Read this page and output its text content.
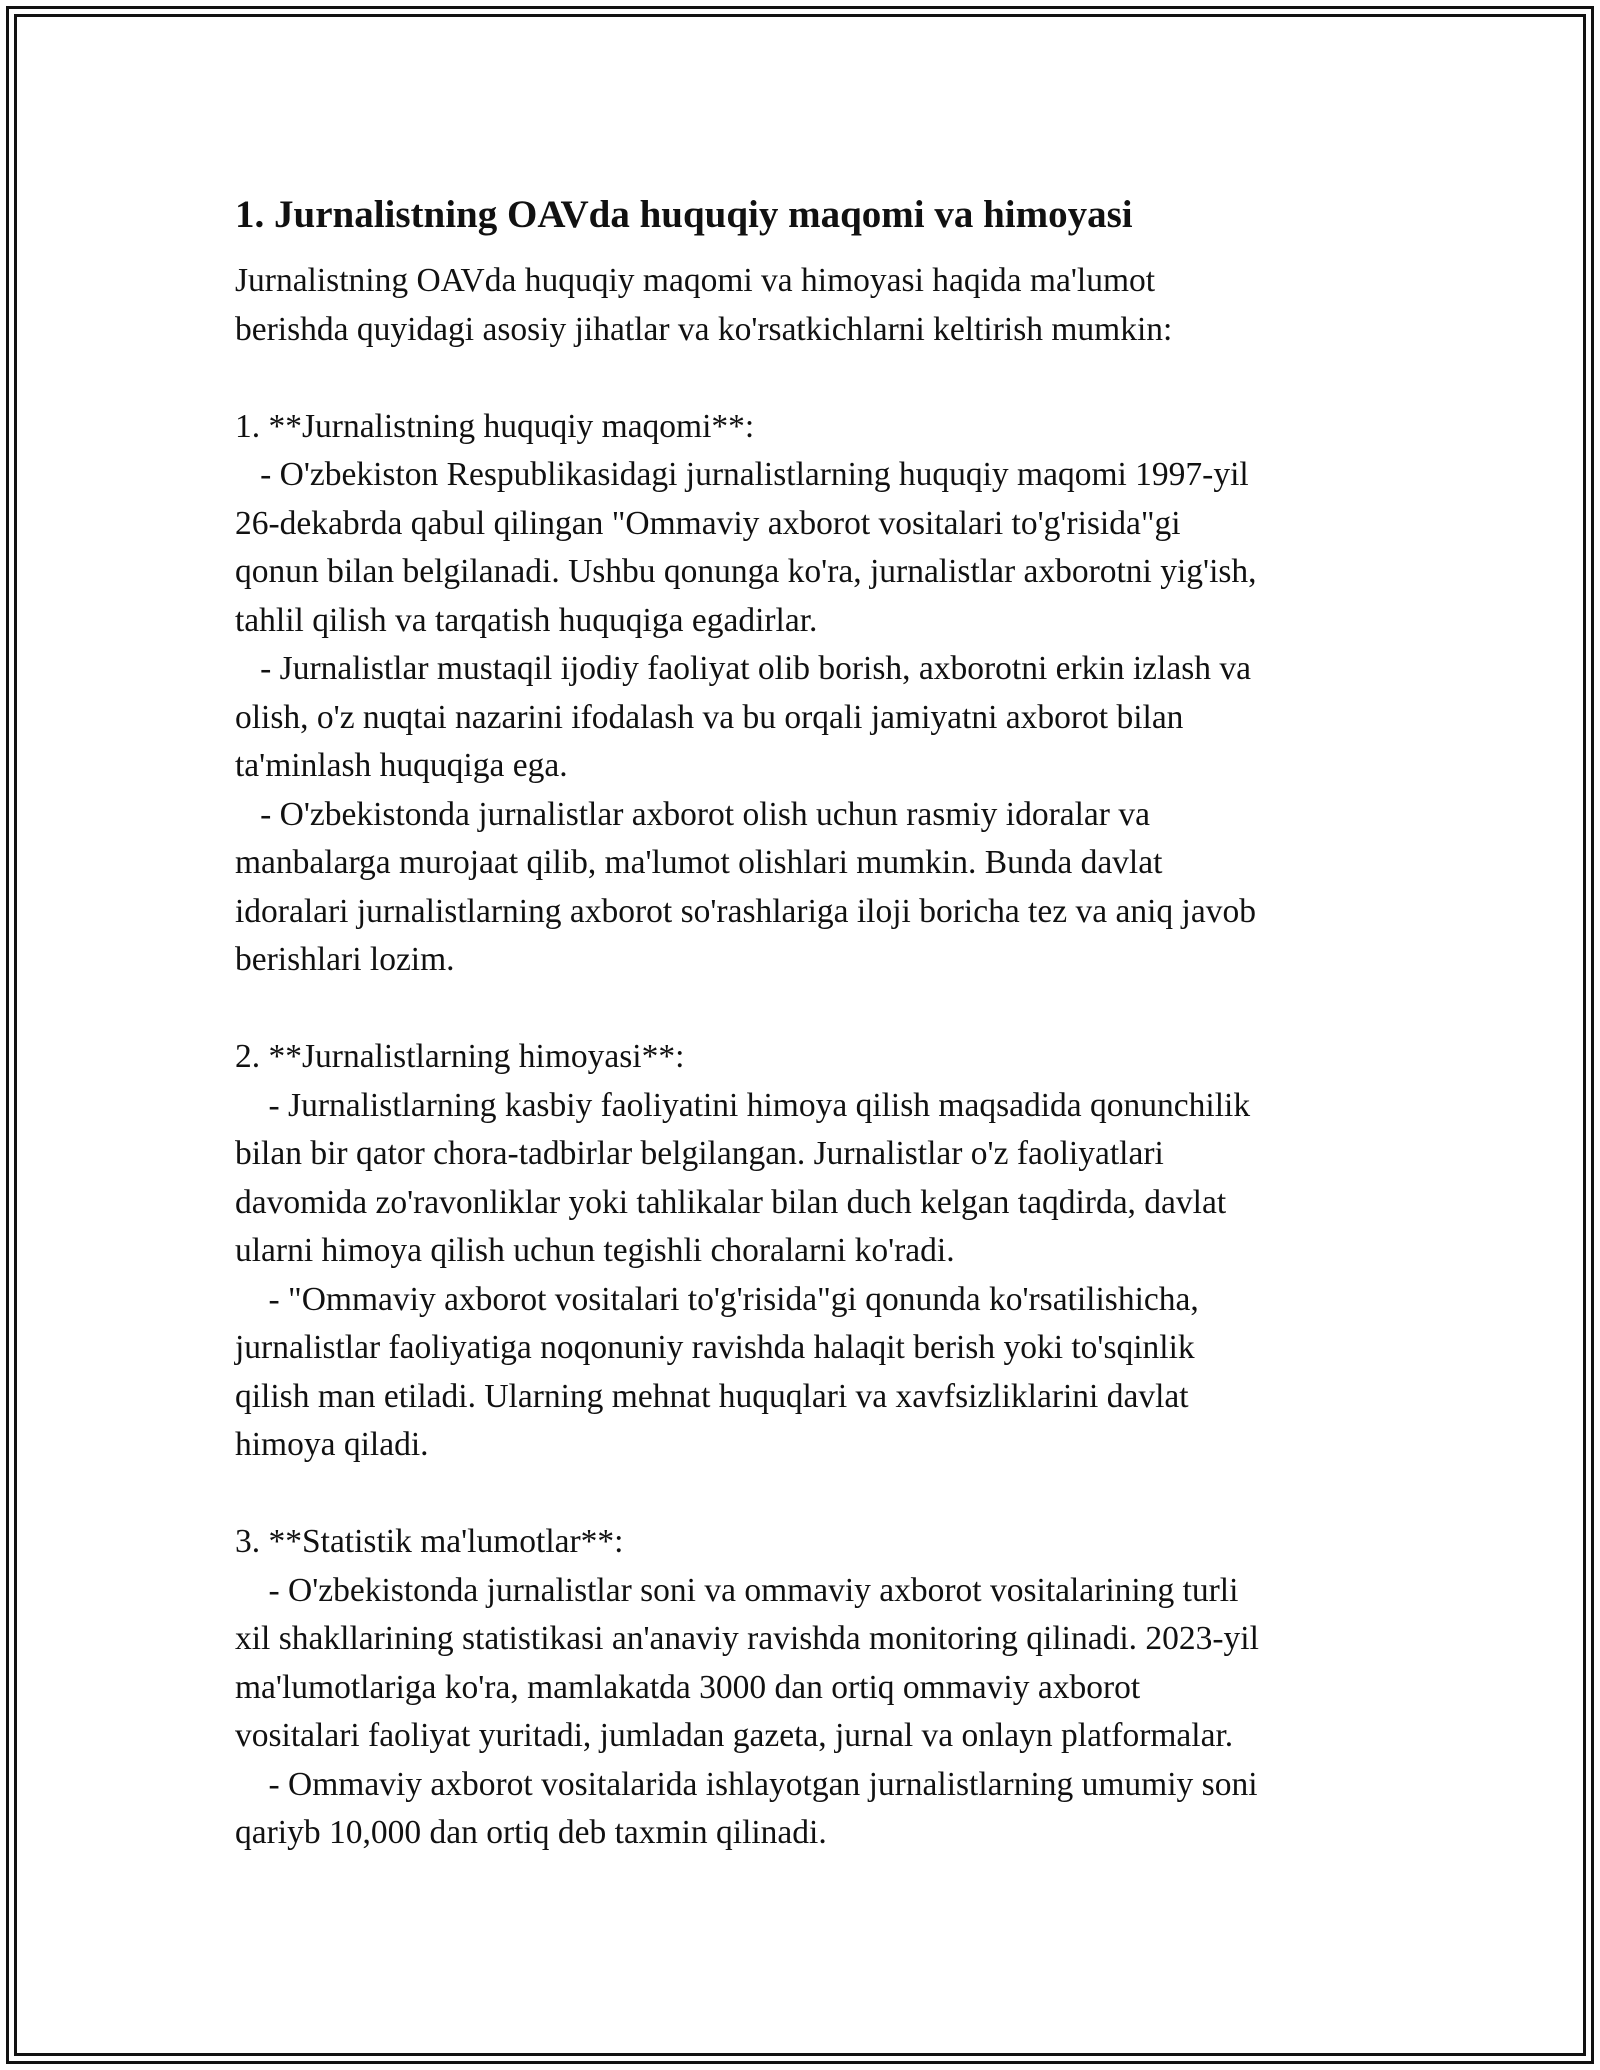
1. Jurnalistning OAVda huquqiy maqomi va himoyasi

Jurnalistning OAVda huquqiy maqomi va himoyasi haqida ma'lumot
berishda quyidagi asosiy jihatlar va ko'rsatkichlarni keltirish mumkin:

1. **Jurnalistning huquqiy maqomi**:
- O'zbekiston Respublikasidagi jurnalistlarning huquqiy maqomi 1997-yil
26-dekabrda qabul qilingan "Ommaviy axborot vositalari to'g'risida"gi
qonun bilan belgilanadi. Ushbu qonunga ko'ra, jurnalistlar axborotni yig'ish,
tahlil qilish va tarqatish huquqiga egadirlar.
- Jurnalistlar mustaqil ijodiy faoliyat olib borish, axborotni erkin izlash va
olish, o'z nuqtai nazarini ifodalash va bu orqali jamiyatni axborot bilan
ta'minlash huquqiga ega.
- O'zbekistonda jurnalistlar axborot olish uchun rasmiy idoralar va
manbalarga murojaat qilib, ma'lumot olishlari mumkin. Bunda davlat
idoralari jurnalistlarning axborot so'rashlariga iloji boricha tez va aniq javob
berishlari lozim.

2. **Jurnalistlarning himoyasi**:
- Jurnalistlarning kasbiy faoliyatini himoya qilish maqsadida qonunchilik
bilan bir qator chora-tadbirlar belgilangan. Jurnalistlar o'z faoliyatlari
davomida zo'ravonliklar yoki tahlikalar bilan duch kelgan taqdirda, davlat
ularni himoya qilish uchun tegishli choralarni ko'radi.
- "Ommaviy axborot vositalari to'g'risida"gi qonunda ko'rsatilishicha,
jurnalistlar faoliyatiga noqonuniy ravishda halaqit berish yoki to'sqinlik
qilish man etiladi. Ularning mehnat huquqlari va xavfsizliklarini davlat
himoya qiladi.

3. **Statistik ma'lumotlar**:
- O'zbekistonda jurnalistlar soni va ommaviy axborot vositalarining turli
xil shakllarining statistikasi an'anaviy ravishda monitoring qilinadi. 2023-yil
ma'lumotlariga ko'ra, mamlakatda 3000 dan ortiq ommaviy axborot
vositalari faoliyat yuritadi, jumladan gazeta, jurnal va onlayn platformalar.
- Ommaviy axborot vositalarida ishlayotgan jurnalistlarning umumiy soni
qariyb 10,000 dan ortiq deb taxmin qilinadi.
